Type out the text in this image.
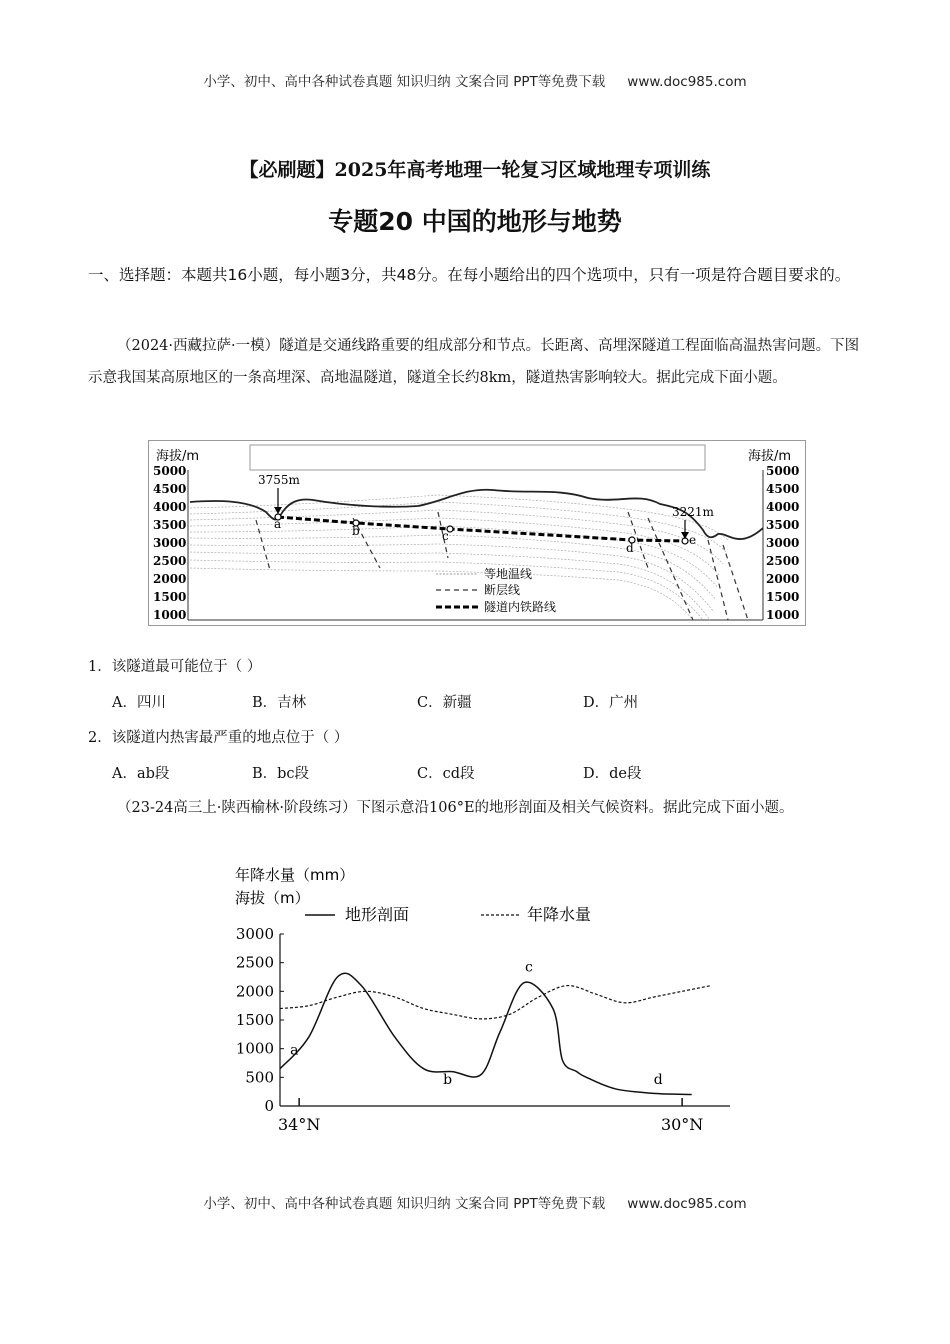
小学、初中、高中各种试卷真题 知识归纳 文案合同 PPT等免费下载 www.doc985.com
【必刷题】2025年高考地理一轮复习区域地理专项训练
专题20 中国的地形与地势
一、选择题：本题共16小题，每小题3分，共48分。在每小题给出的四个选项中，只有一项是符合题目要求的。
（2024·西藏拉萨·一模）隧道是交通线路重要的组成部分和节点。长距离、高埋深隧道工程面临高温热害问题。下图示意我国某高原地区的一条高埋深、高地温隧道，隧道全长约8km，隧道热害影响较大。据此完成下面小题。
海拔/m	海拔/m
5000
4500
4000
3500
3000
2500
2000
1500
1000
5000
4500
4000
3500
3000
2500
2000
1500
1000
a	b	c
d
e
3755m
3221m
等地温线
断层线
隧道内铁路线
1．该隧道最可能位于（ ）
A．四川	B．吉林	C．新疆	D．广州
2．该隧道内热害最严重的地点位于（ ）
A．ab段	B．bc段	C．cd段	D．de段
（23-24高三上·陕西榆林·阶段练习）下图示意沿106°E的地形剖面及相关气候资料。据此完成下面小题。
年降水量（mm）
海拔（m）
地形剖面	年降水量
3000
2500
2000
1500
1000
500
0
34°N	30°N
a
b
c
d
小学、初中、高中各种试卷真题 知识归纳 文案合同 PPT等免费下载 www.doc985.com
